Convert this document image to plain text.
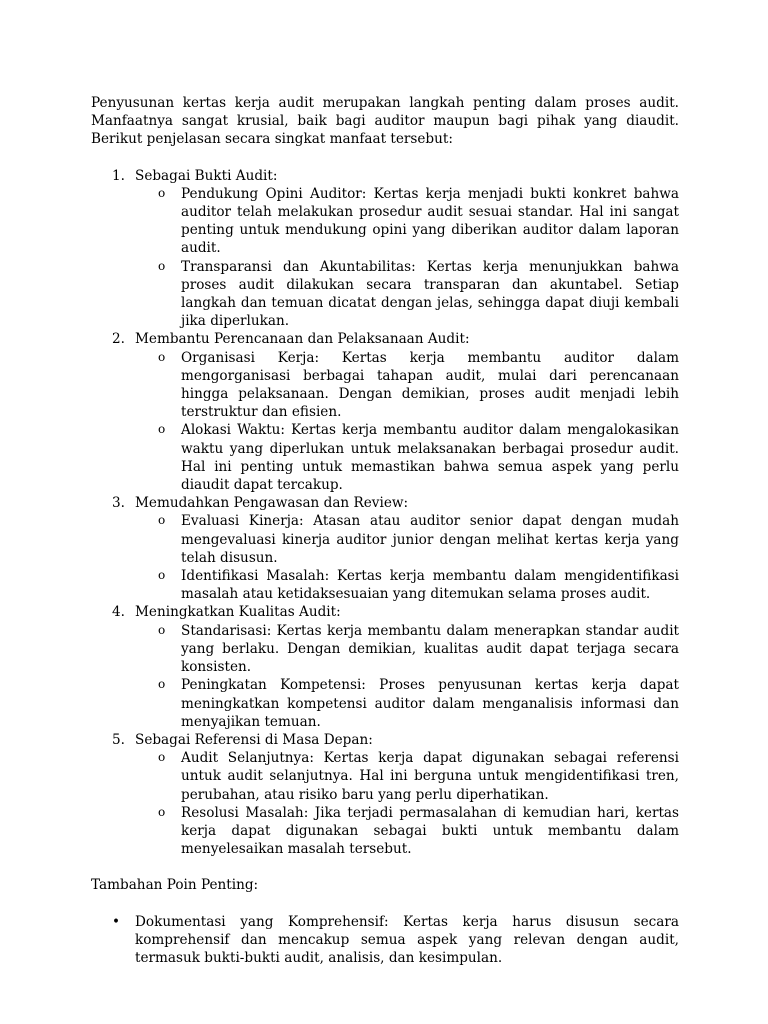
Penyusunan kertas kerja audit merupakan langkah penting dalam proses audit. Manfaatnya sangat krusial, baik bagi auditor maupun bagi pihak yang diaudit. Berikut penjelasan secara singkat manfaat tersebut:

1. Sebagai Bukti Audit:
o Pendukung Opini Auditor: Kertas kerja menjadi bukti konkret bahwa auditor telah melakukan prosedur audit sesuai standar. Hal ini sangat penting untuk mendukung opini yang diberikan auditor dalam laporan audit.
o Transparansi dan Akuntabilitas: Kertas kerja menunjukkan bahwa proses audit dilakukan secara transparan dan akuntabel. Setiap langkah dan temuan dicatat dengan jelas, sehingga dapat diuji kembali jika diperlukan.
2. Membantu Perencanaan dan Pelaksanaan Audit:
o Organisasi Kerja: Kertas kerja membantu auditor dalam mengorganisasi berbagai tahapan audit, mulai dari perencanaan hingga pelaksanaan. Dengan demikian, proses audit menjadi lebih terstruktur dan efisien.
o Alokasi Waktu: Kertas kerja membantu auditor dalam mengalokasikan waktu yang diperlukan untuk melaksanakan berbagai prosedur audit. Hal ini penting untuk memastikan bahwa semua aspek yang perlu diaudit dapat tercakup.
3. Memudahkan Pengawasan dan Review:
o Evaluasi Kinerja: Atasan atau auditor senior dapat dengan mudah mengevaluasi kinerja auditor junior dengan melihat kertas kerja yang telah disusun.
o Identifikasi Masalah: Kertas kerja membantu dalam mengidentifikasi masalah atau ketidaksesuaian yang ditemukan selama proses audit.
4. Meningkatkan Kualitas Audit:
o Standarisasi: Kertas kerja membantu dalam menerapkan standar audit yang berlaku. Dengan demikian, kualitas audit dapat terjaga secara konsisten.
o Peningkatan Kompetensi: Proses penyusunan kertas kerja dapat meningkatkan kompetensi auditor dalam menganalisis informasi dan menyajikan temuan.
5. Sebagai Referensi di Masa Depan:
o Audit Selanjutnya: Kertas kerja dapat digunakan sebagai referensi untuk audit selanjutnya. Hal ini berguna untuk mengidentifikasi tren, perubahan, atau risiko baru yang perlu diperhatikan.
o Resolusi Masalah: Jika terjadi permasalahan di kemudian hari, kertas kerja dapat digunakan sebagai bukti untuk membantu dalam menyelesaikan masalah tersebut.

Tambahan Poin Penting:

• Dokumentasi yang Komprehensif: Kertas kerja harus disusun secara komprehensif dan mencakup semua aspek yang relevan dengan audit, termasuk bukti-bukti audit, analisis, dan kesimpulan.
